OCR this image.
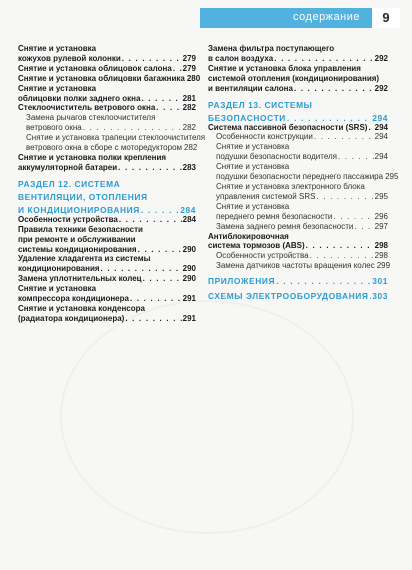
содержание	9
Снятие и установка
кожухов рулевой колонки . . .	279
Снятие и установка облицовок салона . . . 279
Снятие и установка облицовки багажника 280
Снятие и установка
облицовки полки заднего окна . . .	281
Стеклоочиститель ветрового окна . . .	282
Замена рычагов стеклоочистителя
ветрового окна . . .	282
Снятие и установка трапеции стеклоочистителя
ветрового окна в сборе с моторедуктором 282
Снятие и установка полки крепления
аккумуляторной батареи . . .	283
РАЗДЕЛ 12. СИСТЕМА
ВЕНТИЛЯЦИИ, ОТОПЛЕНИЯ
И КОНДИЦИОНИРОВАНИЯ . . .	284
Особенности устройства . . .	284
Правила техники безопасности
при ремонте и обслуживании
системы кондиционирования . . .	290
Удаление хладагента из системы
кондиционирования . . .	290
Замена уплотнительных колец . . .	290
Снятие и установка
компрессора кондиционера . . .	291
Снятие и установка конденсора
(радиатора кондиционера) . . .	291
Замена фильтра поступающего
в салон воздуха . . .	292
Снятие и установка блока управления
системой отопления (кондиционирования)
и вентиляции салона . . .	292
РАЗДЕЛ 13. СИСТЕМЫ
БЕЗОПАСНОСТИ . . .	294
Система пассивной безопасности (SRS) . . . 294
Особенности конструкции . . .	294
Снятие и установка
подушки безопасности водителя . . .	294
Снятие и установка
подушки безопасности переднего пассажира 295
Снятие и установка электронного блока
управления системой SRS . . .	295
Снятие и установка
переднего ремня безопасности . . .	296
Замена заднего ремня безопасности . . .	297
Антиблокировочная
система тормозов (ABS) . . .	298
Особенности устройства . . .	298
Замена датчиков частоты вращения колес 299
ПРИЛОЖЕНИЯ . . .	301
СХЕМЫ ЭЛЕКТРООБОРУДОВАНИЯ . . . 303
